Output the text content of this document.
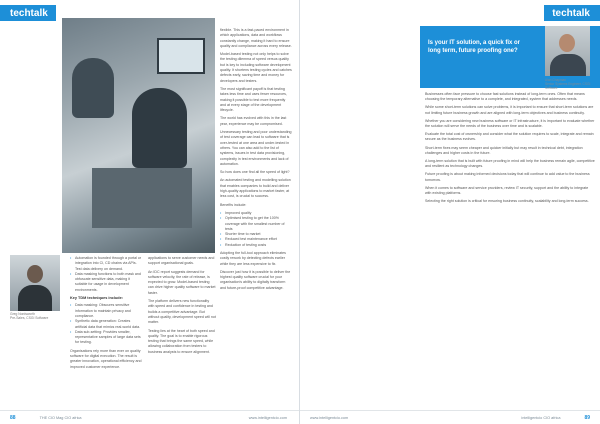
techtalk

flexible. This is a fast-paced environment in which applications, data and workflows constantly change, making it hard to ensure quality and compliance across every release.

Model-based testing not only helps to solve the testing dilemma of speed versus quality but is key to including software development quality. It shortens testing cycles and catches defects early, saving time and money for developers and testers.

The most significant payoff is that testing takes less time and uses fewer resources, making it possible to test more frequently and at every stage of the development lifecycle.

The world has evolved with this in the last year, experience may be compromised.

Unnecessary testing and poor understanding of test coverage can lead to software that is over-tested at one area and under-tested in others. You can also add to the list of systems, issues in test data provisioning, complexity in test environments and lack of automation.

So how does one find all the speed of light?

An automated testing and modelling solution that enables companies to build and deliver high-quality applications to market faster, at less cost, is crucial to success.

Benefits include:

• Improved quality
• Optimised testing to get the 100% coverage with the smallest number of tests
• Shorter time to market
• Reduced test maintenance effort
• Reduction of testing costs

Adopting the full-tool approach eliminates costly rework by detecting defects earlier while they are less expensive to fix.

Discover just how it is possible to deliver the highest quality software crucial for your organisation's ability to digitally transform and future-proof competitive advantage.

• Automation is founded through a portal or integration into CI, CD chains via APIs. Test data delivery on demand.
• Data masking functions to both mask and obfuscate sensitive data, making it suitable for usage in development environments.
Key TDM techniques include:
• Data masking: Obscures sensitive information to maintain privacy and compliance.
• Synthetic data generation: Creates artificial data that mimics real-world data.
• Data sub-setting: Provides smaller, representative samples of large data sets for testing.

Organisations rely more than ever on quality software for digital execution. The result is greater innovation, operational efficiency and improved customer experience.

applications to serve customer needs and support organisational goals.

An IDC report suggests demand for software velocity, the rate of release, is expected to grow. Model-based testing can drive higher quality software to market faster.

The platform delivers new functionality with speed and confidence in testing and builds a competitive advantage. But without quality, development speed will not matter.

Testing lies at the heart of both speed and quality. The goal is to enable rigorous testing that brings the same speed, while allowing collaboration from testers to business analysts to ensure alignment.

Greg Nordsworth
Pre-Sales, CSGI Software
88	THE CIO Mag CIO africa	www.intelligentcio.com
techtalk
Is your IT solution, a quick fix or long term, future proofing one?
Alan Chapman
Senior Systems Engineer, CSGI Software

Businesses often face pressure to choose fast solutions instead of long-term ones. Often that means choosing the temporary alternative to a complete, and integrated, system that addresses needs.

While some short-term solutions can solve problems, it is important to ensure that short-term solutions are not limiting future business growth and are aligned with long-term objectives and business continuity.

Whether you are considering new business software or IT infrastructure, it is important to evaluate whether the solution will serve the needs of the business over time and is scalable.

Evaluate the total cost of ownership and consider what the solution requires to scale, integrate and remain secure as the business evolves.

Short-term fixes may seem cheaper and quicker initially but may result in technical debt, integration challenges and higher costs in the future.

A long-term solution that is built with future proofing in mind will help the business remain agile, competitive and resilient as technology changes.

Future proofing is about making informed decisions today that will continue to add value to the business tomorrow.

When it comes to software and service providers, review IT security, support and the ability to integrate with existing platforms.

Selecting the right solution is critical for ensuring business continuity, scalability and long-term success.

www.intelligentcio.com	intelligentcio CIO africa	89
